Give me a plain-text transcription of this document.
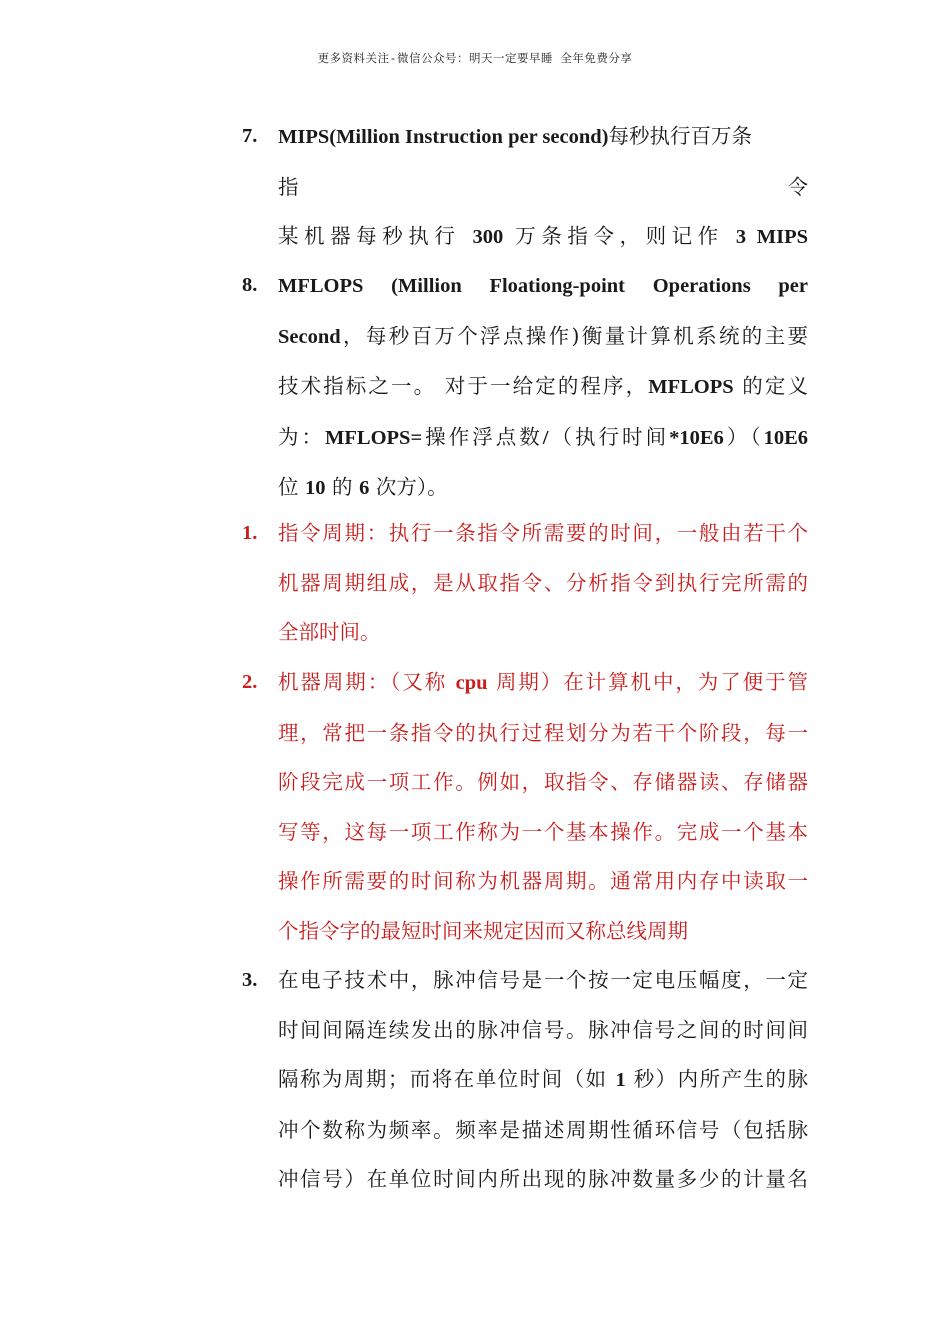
更多资料关注-微信公众号：明天一定要早睡 全年免费分享
7. MIPS(Million Instruction per second)每秒执行百万条
指令
某机器每秒执行 300 万条指令，则记作 3 MIPS
8. MFLOPS (Million Floationg-point Operations per
Second，每秒百万个浮点操作)衡量计算机系统的主要
技术指标之一。 对于一给定的程序，MFLOPS 的定义
为：MFLOPS=操作浮点数/（执行时间*10E6）（10E6
位 10 的 6 次方）。
1. 指令周期：执行一条指令所需要的时间，一般由若干个
机器周期组成，是从取指令、分析指令到执行完所需的
全部时间。
2. 机器周期：（又称 cpu 周期）在计算机中，为了便于管
理，常把一条指令的执行过程划分为若干个阶段，每一
阶段完成一项工作。例如，取指令、存储器读、存储器
写等，这每一项工作称为一个基本操作。完成一个基本
操作所需要的时间称为机器周期。通常用内存中读取一
个指令字的最短时间来规定因而又称总线周期
3. 在电子技术中，脉冲信号是一个按一定电压幅度，一定
时间间隔连续发出的脉冲信号。脉冲信号之间的时间间
隔称为周期；而将在单位时间（如 1 秒）内所产生的脉
冲个数称为频率。频率是描述周期性循环信号（包括脉
冲信号）在单位时间内所出现的脉冲数量多少的计量名
